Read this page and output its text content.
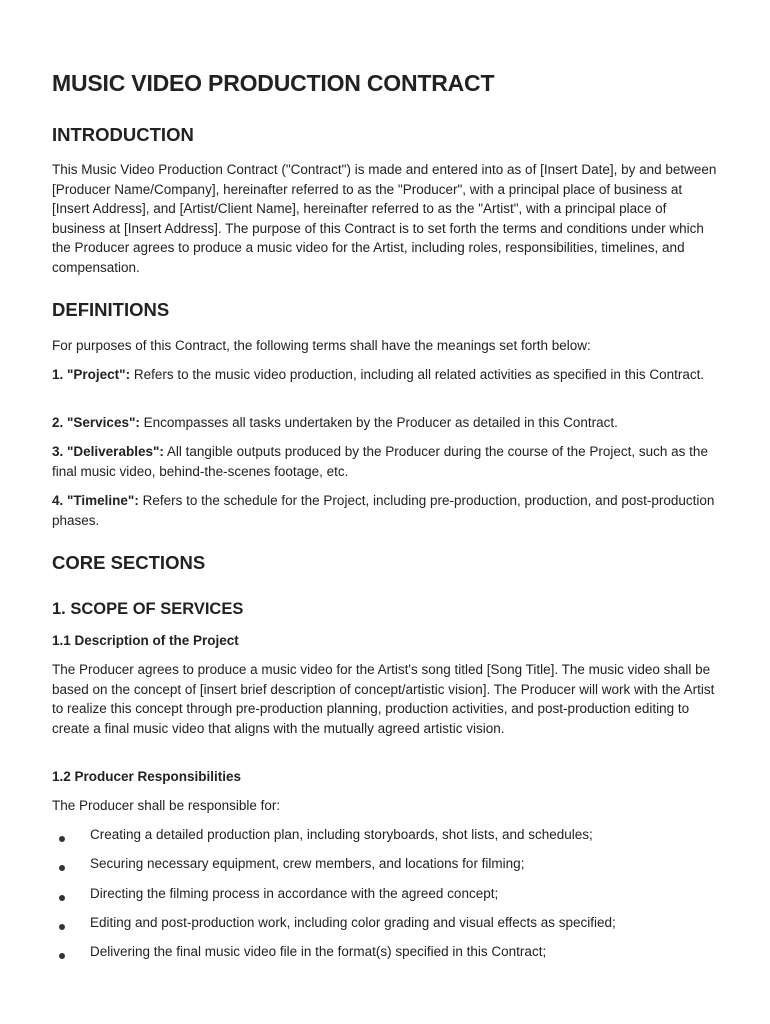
MUSIC VIDEO PRODUCTION CONTRACT
INTRODUCTION

This Music Video Production Contract ("Contract") is made and entered into as of [Insert Date], by and between [Producer Name/Company], hereinafter referred to as the "Producer", with a principal place of business at [Insert Address], and [Artist/Client Name], hereinafter referred to as the "Artist", with a principal place of business at [Insert Address]. The purpose of this Contract is to set forth the terms and conditions under which the Producer agrees to produce a music video for the Artist, including roles, responsibilities, timelines, and compensation.

DEFINITIONS

For purposes of this Contract, the following terms shall have the meanings set forth below:

1. "Project": Refers to the music video production, including all related activities as specified in this Contract.

2. "Services": Encompasses all tasks undertaken by the Producer as detailed in this Contract.

3. "Deliverables": All tangible outputs produced by the Producer during the course of the Project, such as the final music video, behind-the-scenes footage, etc.

4. "Timeline": Refers to the schedule for the Project, including pre-production, production, and post-production phases.

CORE SECTIONS
1. SCOPE OF SERVICES
1.1 Description of the Project

The Producer agrees to produce a music video for the Artist's song titled [Song Title]. The music video shall be based on the concept of [insert brief description of concept/artistic vision]. The Producer will work with the Artist to realize this concept through pre-production planning, production activities, and post-production editing to create a final music video that aligns with the mutually agreed artistic vision.

1.2 Producer Responsibilities

The Producer shall be responsible for:

Creating a detailed production plan, including storyboards, shot lists, and schedules;
Securing necessary equipment, crew members, and locations for filming;
Directing the filming process in accordance with the agreed concept;
Editing and post-production work, including color grading and visual effects as specified;
Delivering the final music video file in the format(s) specified in this Contract;
